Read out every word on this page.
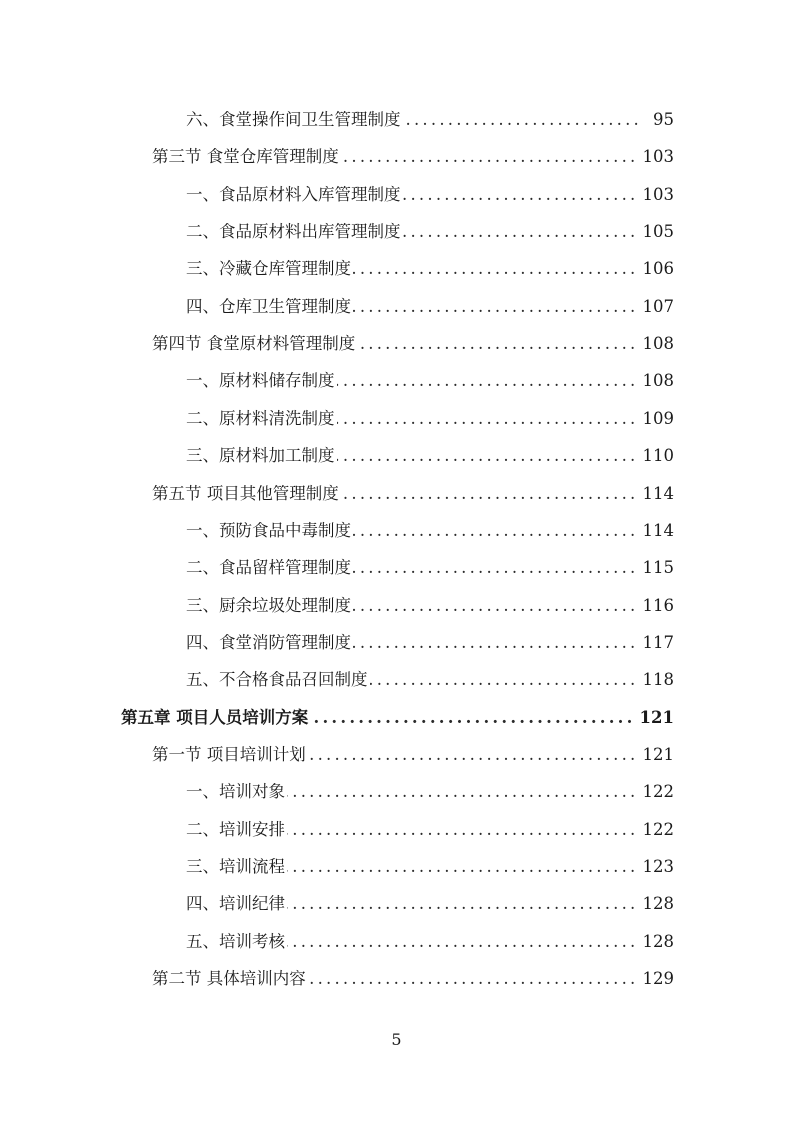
六、食堂操作间卫生管理制度 .....	95
第三节 食堂仓库管理制度 .....	103
一、食品原材料入库管理制度 .....	103
二、食品原材料出库管理制度 .....	105
三、冷藏仓库管理制度 .....	106
四、仓库卫生管理制度 .....	107
第四节 食堂原材料管理制度 .....	108
一、原材料储存制度 .....	108
二、原材料清洗制度 .....	109
三、原材料加工制度 .....	110
第五节 项目其他管理制度 .....	114
一、预防食品中毒制度 .....	114
二、食品留样管理制度 .....	115
三、厨余垃圾处理制度 .....	116
四、食堂消防管理制度 .....	117
五、不合格食品召回制度 .....	118
第五章 项目人员培训方案 .....	121
第一节 项目培训计划 .....	121
一、培训对象 .....	122
二、培训安排 .....	122
三、培训流程 .....	123
四、培训纪律 .....	128
五、培训考核 .....	128
第二节 具体培训内容 .....	129
5
